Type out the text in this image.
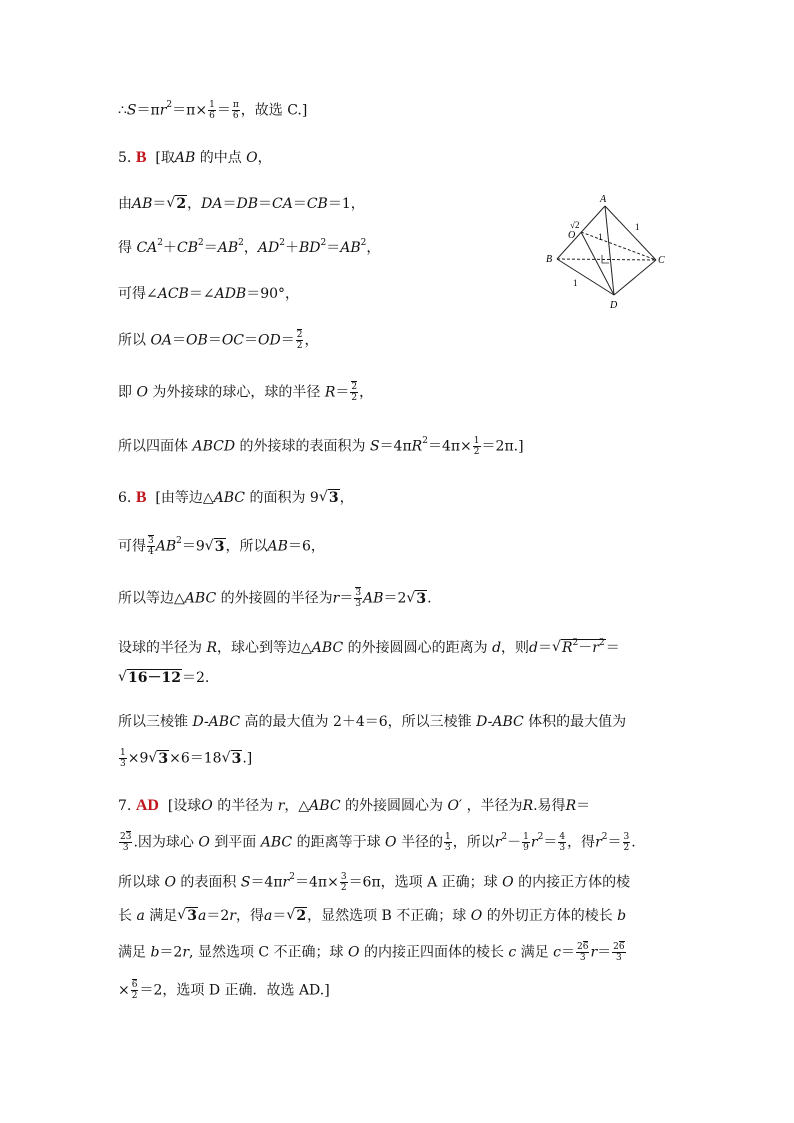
$\therefore S=\pi r^2=\pi\times \frac{1}{6} = \frac{\pi}{6}$ ，故选 C.]
5. B [取AB 的中点 O，
由AB＝√ 2，DA＝DB＝CA＝CB＝1，
得 $CA^2+CB^2=AB^2$，$AD^2+BD^2=AB^2$，
可得∠ACB＝∠ADB＝90°，
所以 $OA=OB=OC=OD= \frac{2}{2}$ ，
即 O 为外接球的球心，球的半径 $R= \frac{2}{2}$ ，
所以四面体 ABCD 的外接球的表面积为 $S=4\pi R^2=4\pi\times \frac{1}{2} =2\pi$.]
A
B	C
D
O
√2
1
1
1
6. B [由等边△ABC 的面积为 9√ 3，
可得 $\frac{3}{4} AB^2=9√$ 3，所以AB＝6，
所以等边△ABC 的外接圆的半径为$r= \frac{3}{3} AB=2√$ 3.
设球的半径为 R，球心到等边△ABC 的外接圆圆心的距离为 d，则d＝√ $R^2-r^2=$
√ 16－12＝2.
所以三棱锥 D-ABC 高的最大值为 2＋4＝6，所以三棱锥 D-ABC 体积的最大值为
$\frac{1}{3} \times 9√$ 3×6＝18√ 3.]
7. AD [设球O 的半径为 r，△ABC 的外接圆圆心为 O′ ，半径为R.易得R＝
$\frac{23}{3}$ .因为球心 O 到平面 ABC 的距离等于球 O 半径的 $\frac{1}{3}$ ，所以$r^2- \frac{1}{9} r^2= \frac{4}{3}$ ，得$r^2= \frac{3}{2}$ .
所以球 O 的表面积 $S=4\pi r^2=4\pi\times \frac{3}{2} =6\pi$，选项 A 正确；球 O 的内接正方体的棱
长 a 满足√ 3a＝2r，得a＝√ 2，显然选项 B 不正确；球 O 的外切正方体的棱长 b
满足 b＝2r, 显然选项 C 不正确；球 O 的内接正四面体的棱长 c 满足 $c= \frac{26}{3} r= \frac{26}{3}$
× $\frac{6}{2} =2$，选项 D 正确．故选 AD.]
